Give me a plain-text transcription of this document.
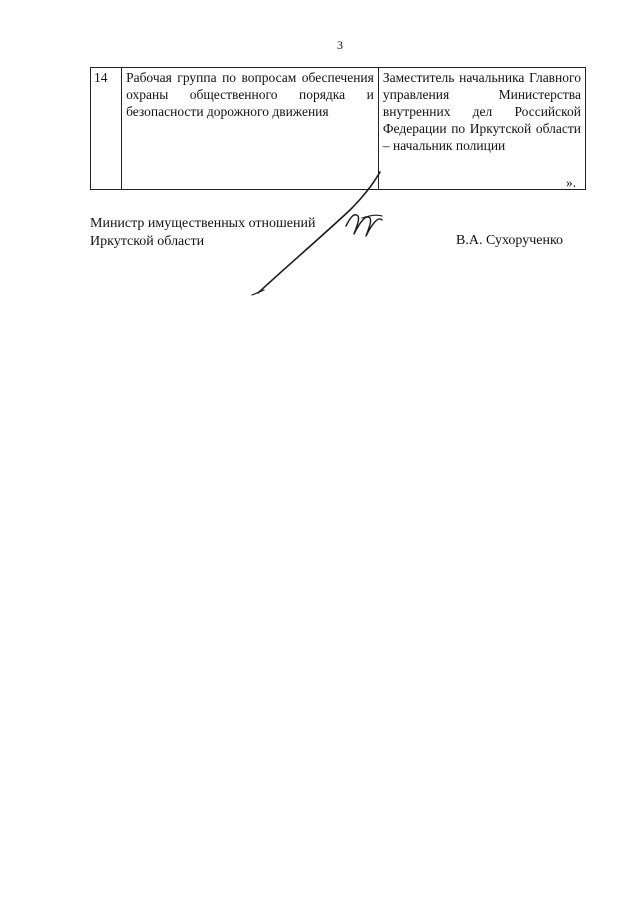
3
14	Рабочая группа по вопросам обеспечения охраны общественного порядка и безопасности дорожного движения	Заместитель начальника Главного управления Министерства внутренних дел Российской Федерации по Иркутской области – начальник полиции
».
Министр имущественных отношений
Иркутской области	В.А. Сухорученко
